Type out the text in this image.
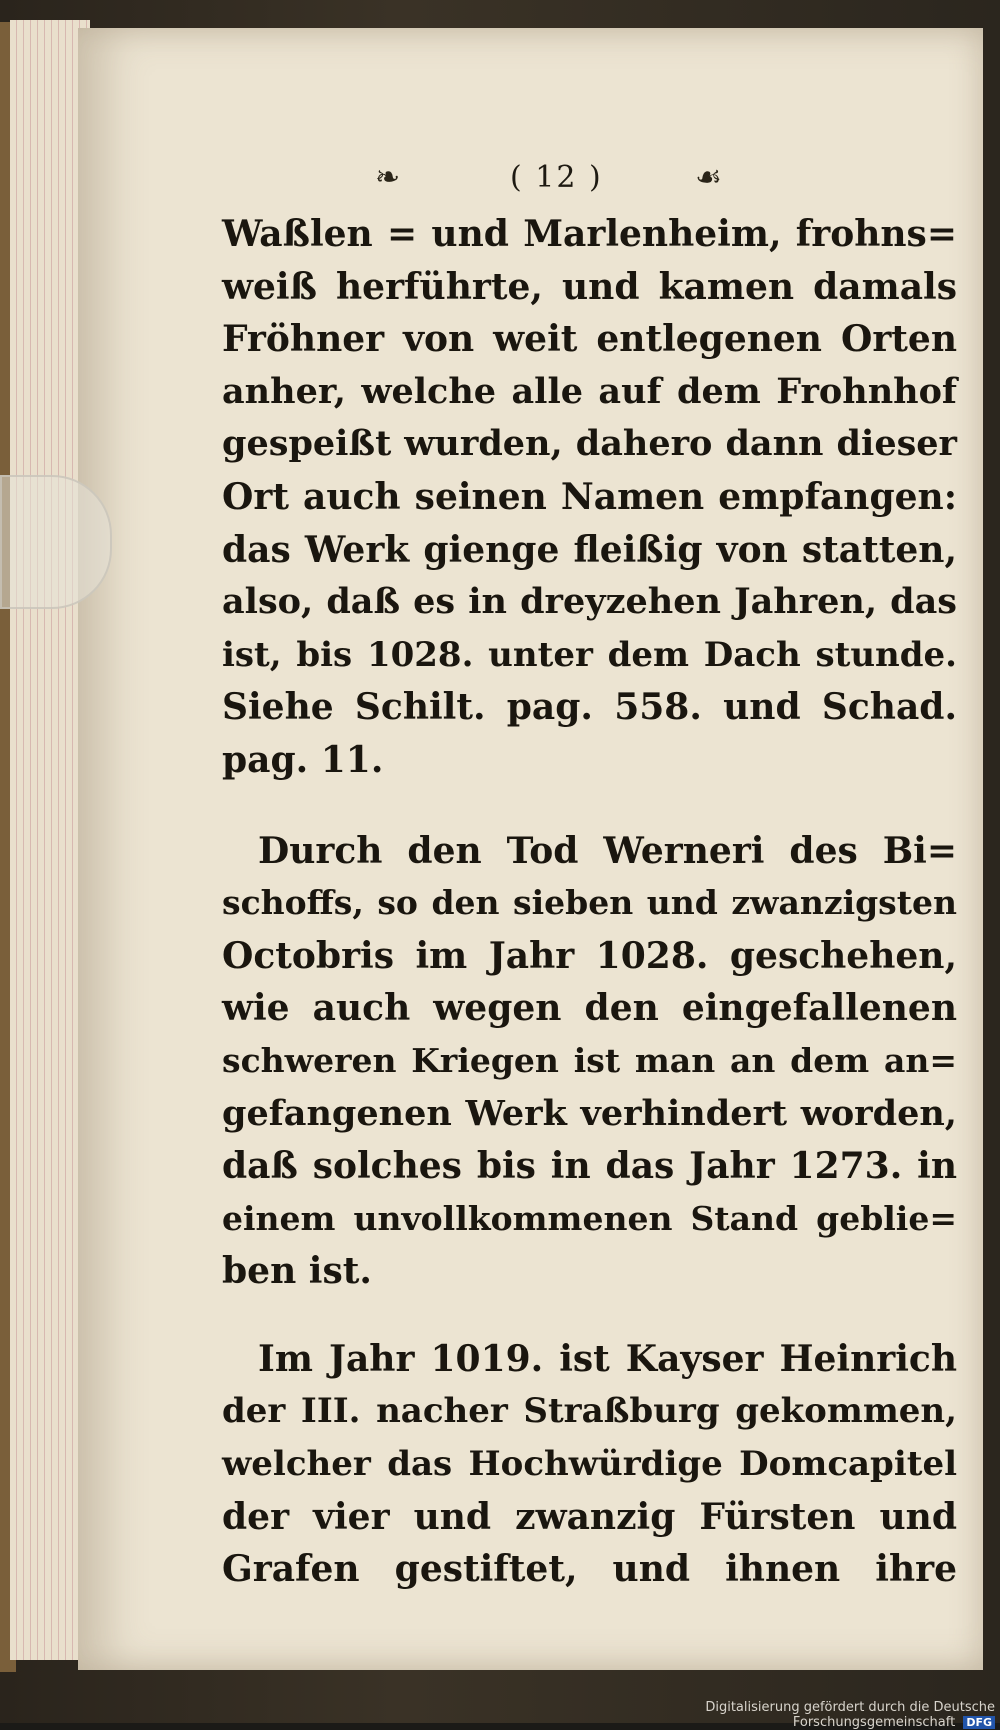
❧	( 12 )	☙
Waßlen = und Marlenheim, frohns=
weiß herführte, und kamen damals
Fröhner von weit entlegenen Orten
anher, welche alle auf dem Frohnhof
gespeißt wurden, dahero dann dieser
Ort auch seinen Namen empfangen:
das Werk gienge fleißig von statten,
also, daß es in dreyzehen Jahren, das
ist, bis 1028. unter dem Dach stunde.
Siehe Schilt. pag. 558. und Schad.
pag. 11.
Durch den Tod Werneri des Bi=
schoffs, so den sieben und zwanzigsten
Octobris im Jahr 1028. geschehen,
wie auch wegen den eingefallenen
schweren Kriegen ist man an dem an=
gefangenen Werk verhindert worden,
daß solches bis in das Jahr 1273. in
einem unvollkommenen Stand geblie=
ben ist.
Im Jahr 1019. ist Kayser Heinrich
der III. nacher Straßburg gekommen,
welcher das Hochwürdige Domcapitel
der vier und zwanzig Fürsten und
Grafen gestiftet, und ihnen ihre
Digitalisierung gefördert durch die Deutsche Forschungsgemeinschaft DFG
